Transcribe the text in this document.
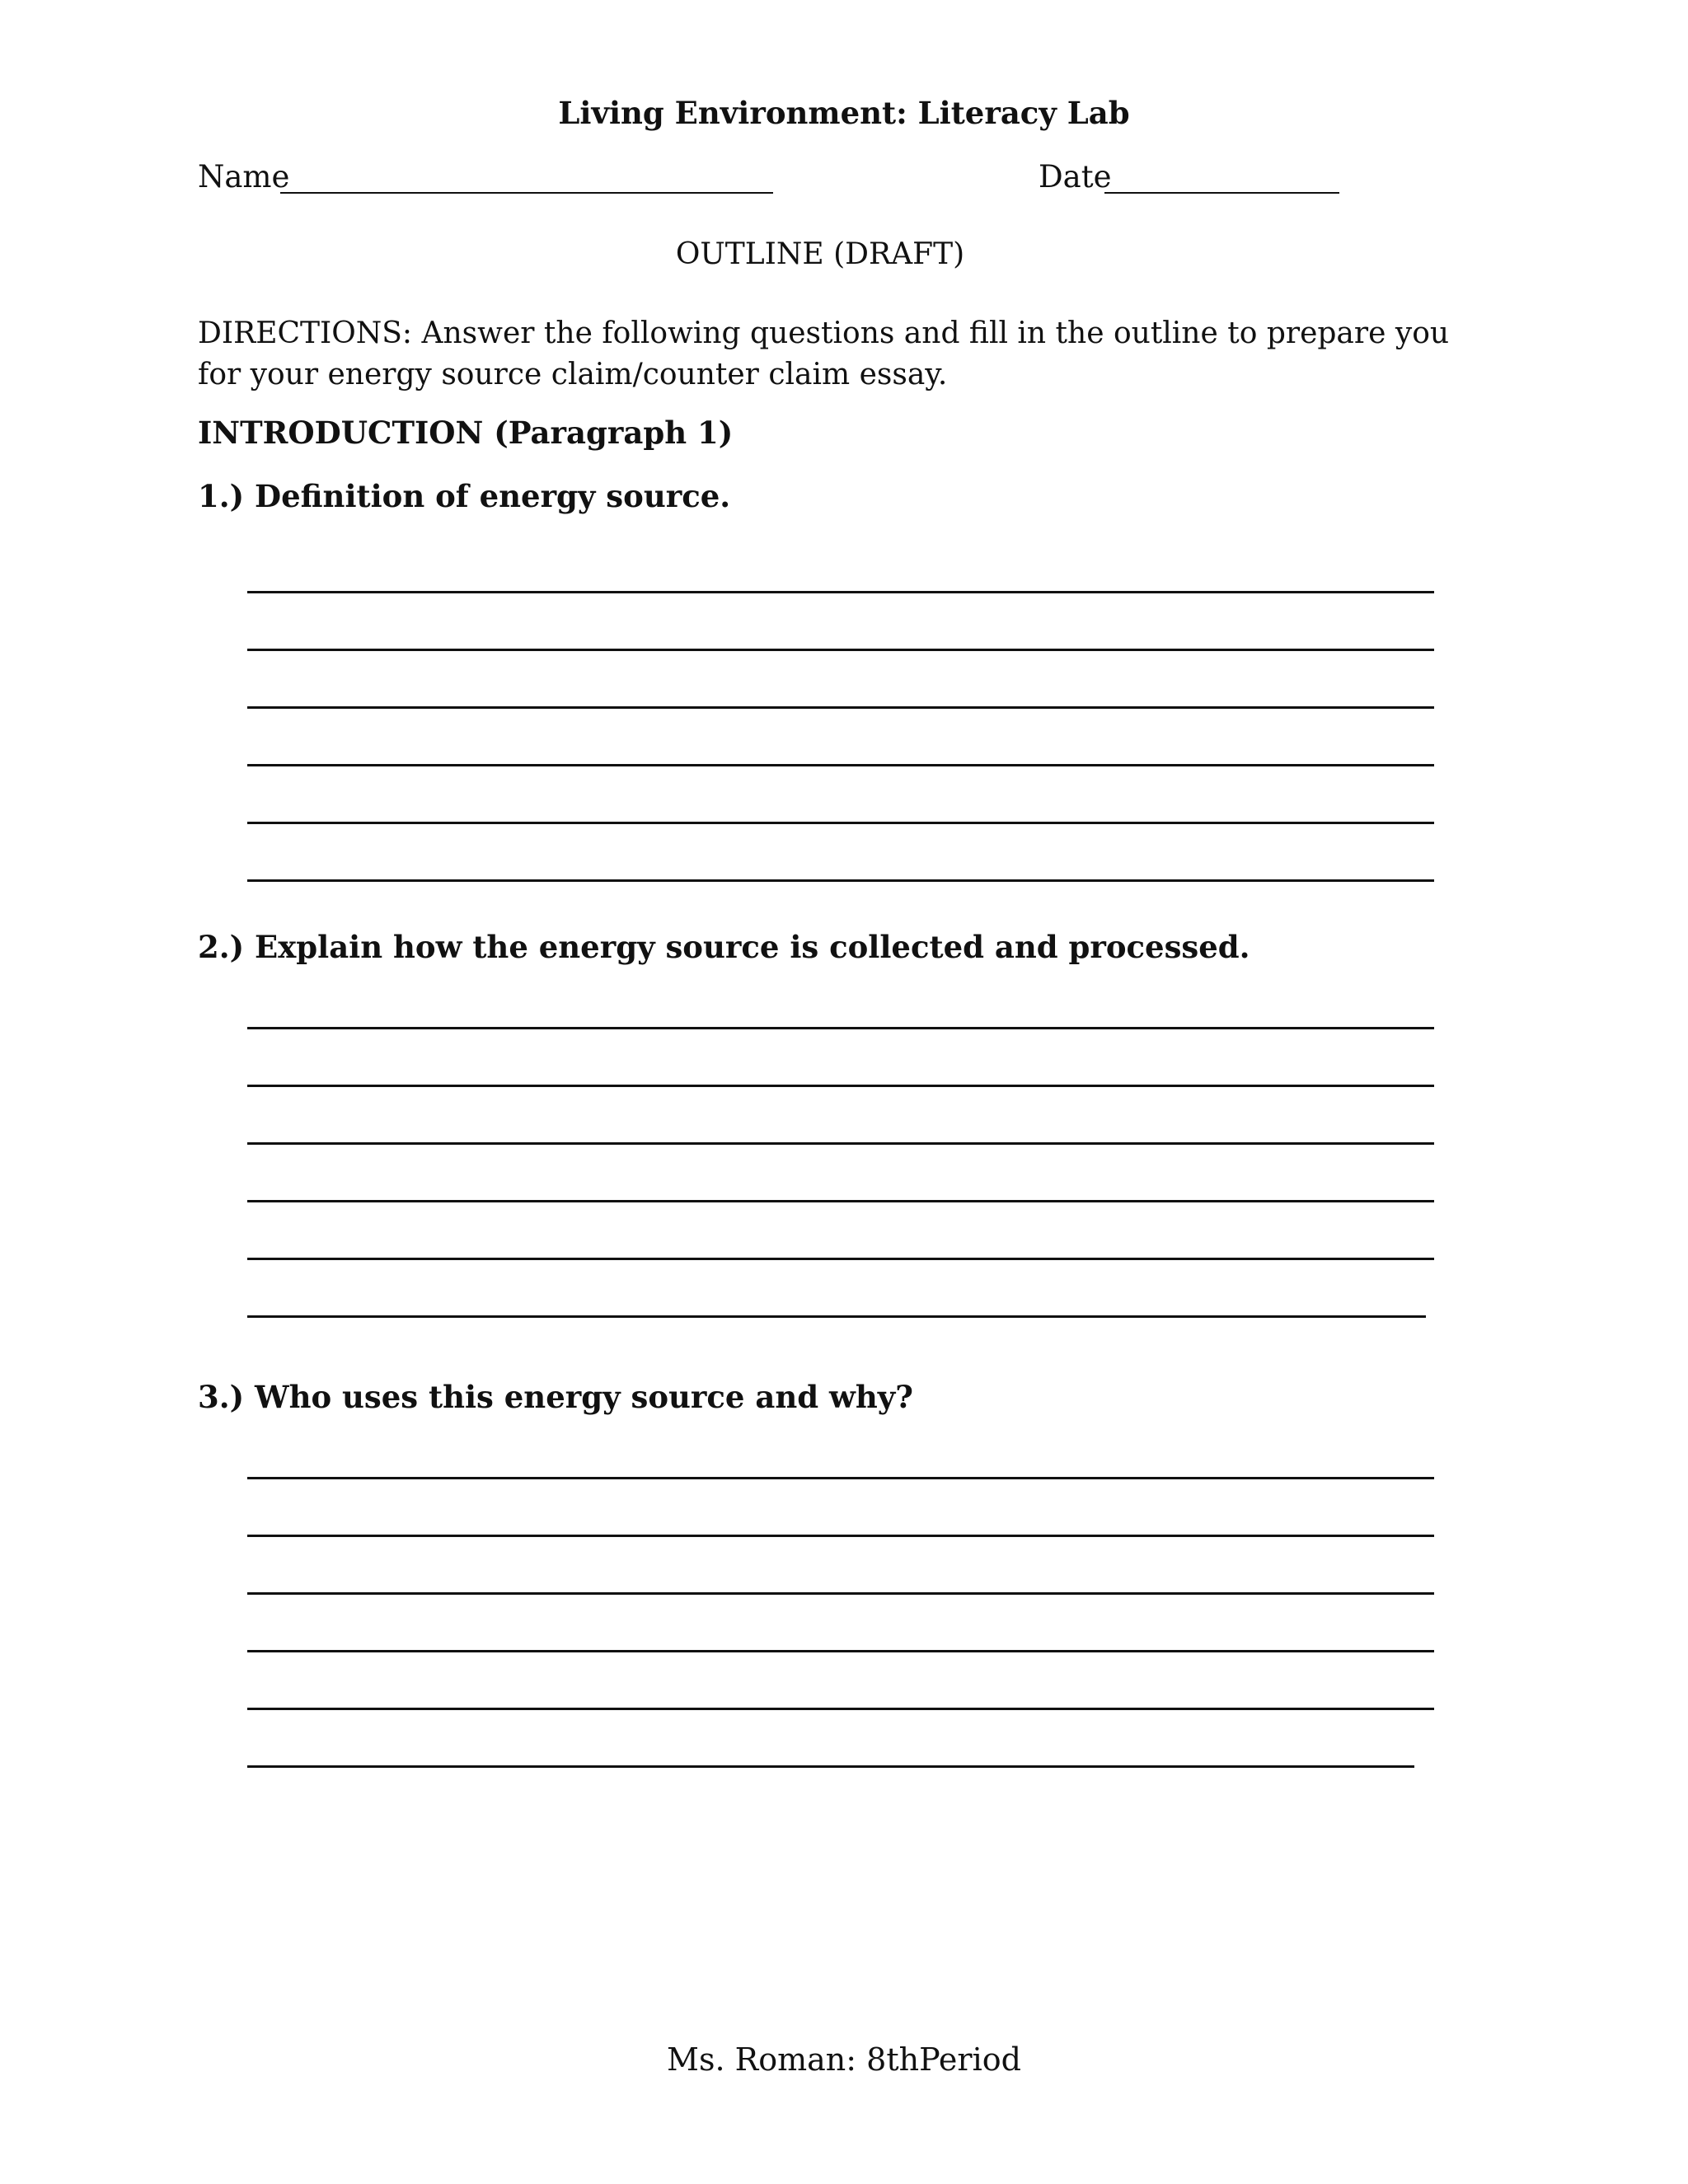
Living Environment: Literacy Lab
Name	Date
OUTLINE (DRAFT)
DIRECTIONS: Answer the following questions and fill in the outline to prepare you for your energy source claim/counter claim essay.
INTRODUCTION (Paragraph 1)
1.) Definition of energy source.
2.) Explain how the energy source is collected and processed.
3.) Who uses this energy source and why?
Ms. Roman: 8thPeriod
